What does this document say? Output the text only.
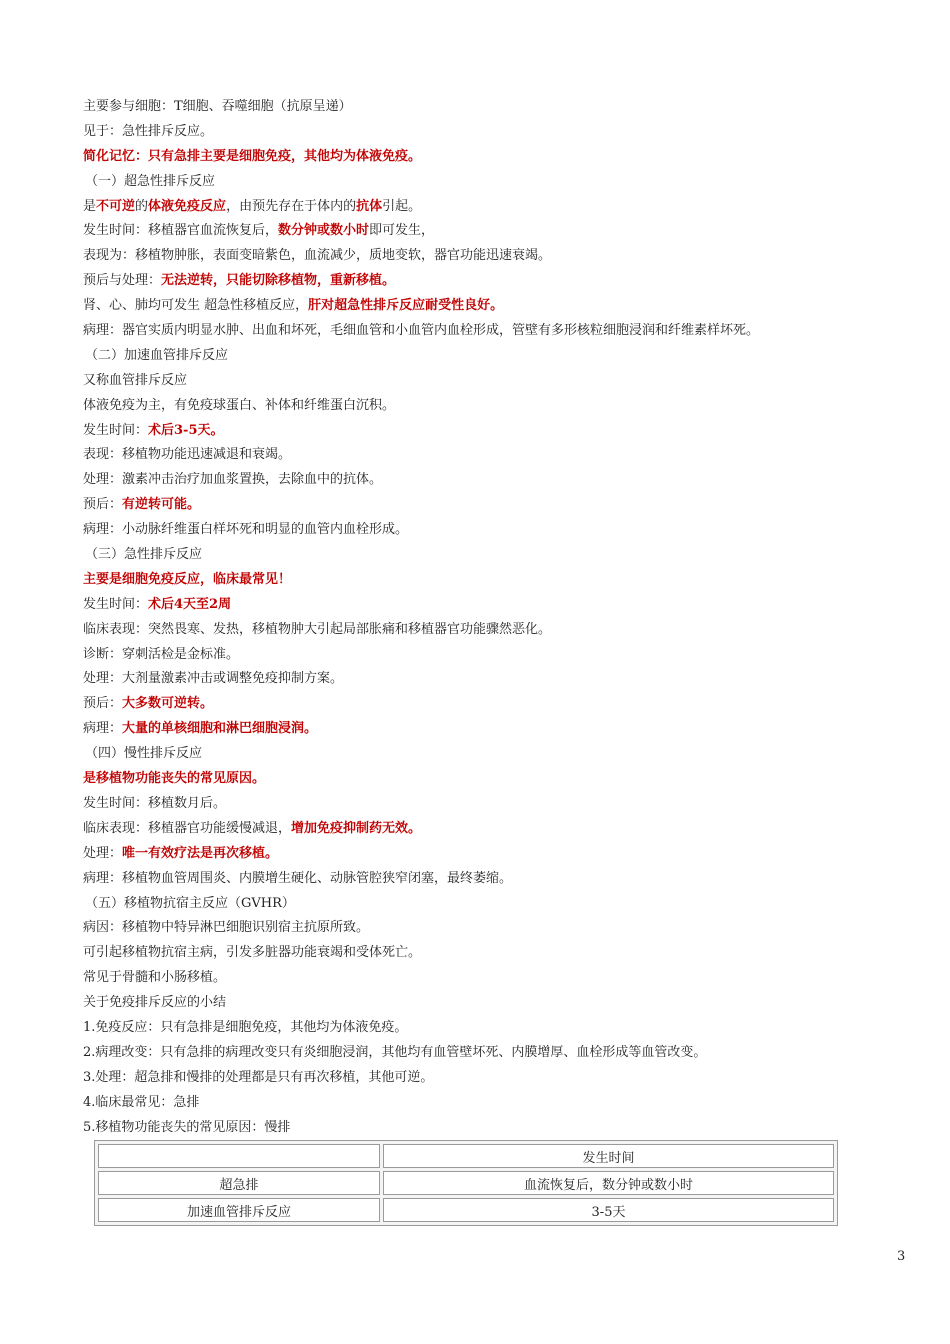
主要参与细胞：T细胞、吞噬细胞（抗原呈递）
见于：急性排斥反应。
简化记忆：只有急排主要是细胞免疫，其他均为体液免疫。
（一）超急性排斥反应
是不可逆的体液免疫反应，由预先存在于体内的抗体引起。
发生时间：移植器官血流恢复后，数分钟或数小时即可发生，
表现为：移植物肿胀，表面变暗紫色，血流减少，质地变软，器官功能迅速衰竭。
预后与处理：无法逆转，只能切除移植物，重新移植。
肾、心、肺均可发生 超急性移植反应，肝对超急性排斥反应耐受性良好。
病理：器官实质内明显水肿、出血和坏死，毛细血管和小血管内血栓形成，管壁有多形核粒细胞浸润和纤维素样坏死。
（二）加速血管排斥反应
又称血管排斥反应
体液免疫为主，有免疫球蛋白、补体和纤维蛋白沉积。
发生时间：术后3-5天。
表现：移植物功能迅速减退和衰竭。
处理：激素冲击治疗加血浆置换，去除血中的抗体。
预后：有逆转可能。
病理：小动脉纤维蛋白样坏死和明显的血管内血栓形成。
（三）急性排斥反应
主要是细胞免疫反应，临床最常见！
发生时间：术后4天至2周
临床表现：突然畏寒、发热，移植物肿大引起局部胀痛和移植器官功能骤然恶化。
诊断：穿刺活检是金标准。
处理：大剂量激素冲击或调整免疫抑制方案。
预后：大多数可逆转。
病理：大量的单核细胞和淋巴细胞浸润。
（四）慢性排斥反应
是移植物功能丧失的常见原因。
发生时间：移植数月后。
临床表现：移植器官功能缓慢减退，增加免疫抑制药无效。
处理：唯一有效疗法是再次移植。
病理：移植物血管周围炎、内膜增生硬化、动脉管腔狭窄闭塞，最终萎缩。
（五）移植物抗宿主反应（GVHR）
病因：移植物中特异淋巴细胞识别宿主抗原所致。
可引起移植物抗宿主病，引发多脏器功能衰竭和受体死亡。
常见于骨髓和小肠移植。
关于免疫排斥反应的小结
1.免疫反应：只有急排是细胞免疫，其他均为体液免疫。
2.病理改变：只有急排的病理改变只有炎细胞浸润，其他均有血管壁坏死、内膜增厚、血栓形成等血管改变。
3.处理：超急排和慢排的处理都是只有再次移植，其他可逆。
4.临床最常见：急排
5.移植物功能丧失的常见原因：慢排
	发生时间
超急排	血流恢复后，数分钟或数小时
加速血管排斥反应	3-5天
3
